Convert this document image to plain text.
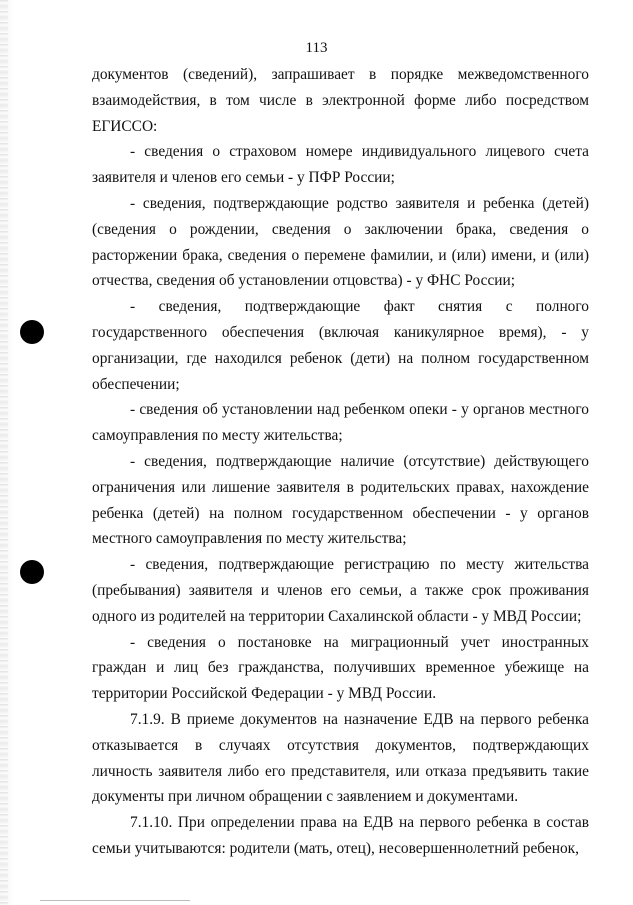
113

документов (сведений), запрашивает в порядке межведомственного взаимодействия, в том числе в электронной форме либо посредством ЕГИССО:

- сведения о страховом номере индивидуального лицевого счета заявителя и членов его семьи - у ПФР России;

- сведения, подтверждающие родство заявителя и ребенка (детей) (сведения о рождении, сведения о заключении брака, сведения о расторжении брака, сведения о перемене фамилии, и (или) имени, и (или) отчества, сведения об установлении отцовства) - у ФНС России;

- сведения, подтверждающие факт снятия с полного государственного обеспечения (включая каникулярное время), - у организации, где находился ребенок (дети) на полном государственном обеспечении;

- сведения об установлении над ребенком опеки - у органов местного самоуправления по месту жительства;

- сведения, подтверждающие наличие (отсутствие) действующего ограничения или лишение заявителя в родительских правах, нахождение ребенка (детей) на полном государственном обеспечении - у органов местного самоуправления по месту жительства;

- сведения, подтверждающие регистрацию по месту жительства (пребывания) заявителя и членов его семьи, а также срок проживания одного из родителей на территории Сахалинской области - у МВД России;

- сведения о постановке на миграционный учет иностранных граждан и лиц без гражданства, получивших временное убежище на территории Российской Федерации - у МВД России.

7.1.9. В приеме документов на назначение ЕДВ на первого ребенка отказывается в случаях отсутствия документов, подтверждающих личность заявителя либо его представителя, или отказа предъявить такие документы при личном обращении с заявлением и документами.

7.1.10. При определении права на ЕДВ на первого ребенка в состав семьи учитываются: родители (мать, отец), несовершеннолетний ребенок,
